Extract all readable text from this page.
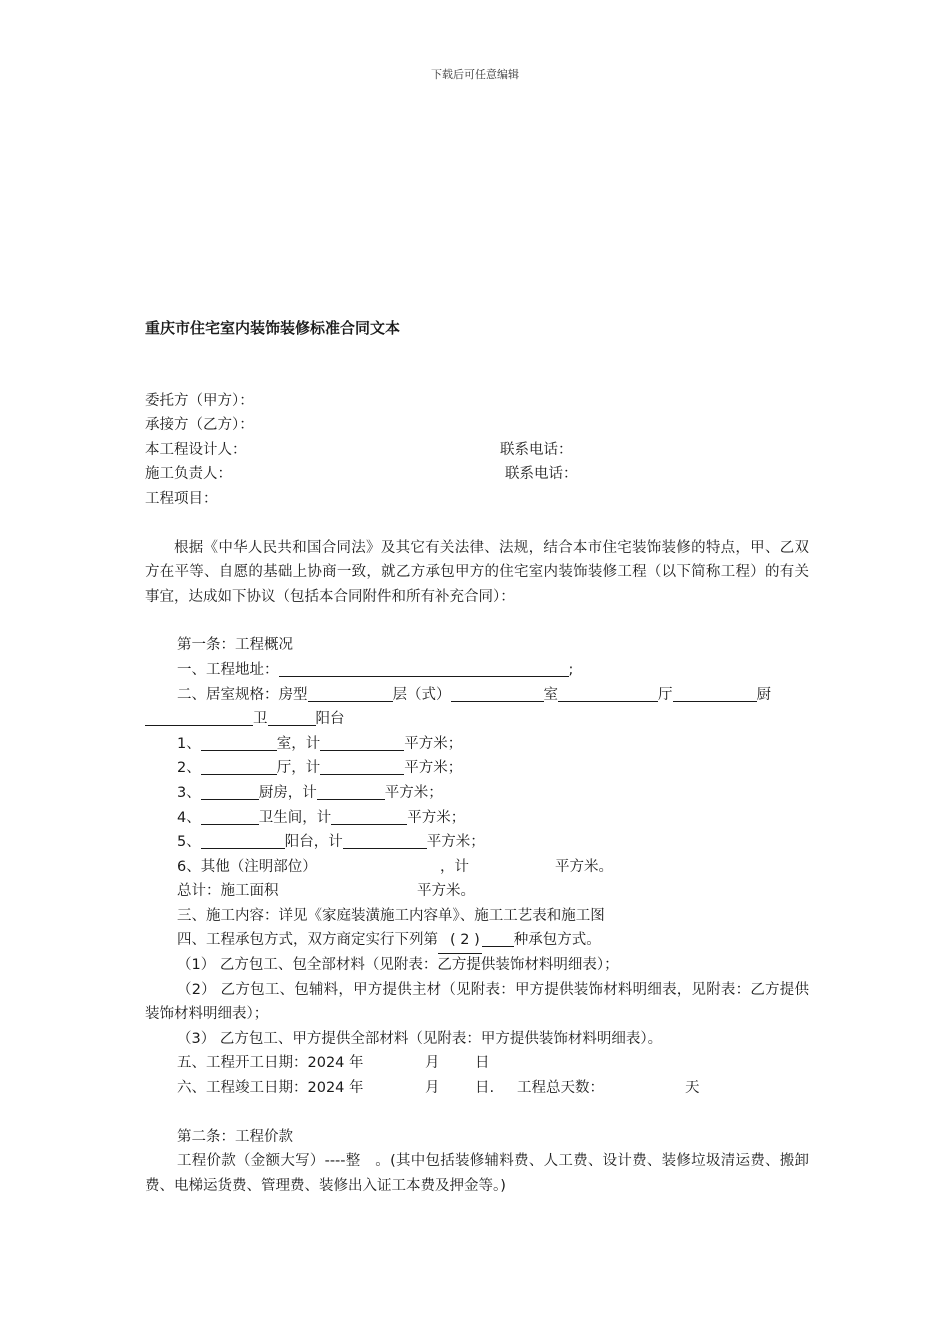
下载后可任意编辑
重庆市住宅室内装饰装修标准合同文本
委托方（甲方）：
承接方（乙方）：
本工程设计人：	联系电话：
施工负责人：	联系电话：
工程项目：

根据《中华人民共和国合同法》及其它有关法律、法规，结合本市住宅装饰装修的特点，甲、乙双方在平等、自愿的基础上协商一致，就乙方承包甲方的住宅室内装饰装修工程（以下简称工程）的有关事宜，达成如下协议（包括本合同附件和所有补充合同）：

第一条：工程概况
一、工程地址：	;
二、居室规格：房型	层（式）	室	厅	厨
卫	阳台
1、	室，计	平方米；
2、	厅，计	平方米；
3、	厨房，计	平方米；
4、	卫生间，计	平方米；
5、	阳台，计	平方米；
6、其他（注明部位）	，计	平方米。
总计：施工面积	平方米。
三、施工内容：详见《家庭装潢施工内容单》、施工工艺表和施工图
四、工程承包方式，双方商定实行下列第 ( 2 ) 种承包方式。
（1） 乙方包工、包全部材料（见附表：乙方提供装饰材料明细表）；
（2） 乙方包工、包辅料，甲方提供主材（见附表：甲方提供装饰材料明细表，见附表：乙方提供装饰材料明细表）；
（3） 乙方包工、甲方提供全部材料（见附表：甲方提供装饰材料明细表）。
五、工程开工日期：2024 年	月 日
六、工程竣工日期：2024 年	月 日. 工程总天数：	天
第二条：工程价款
工程价款（金额大写）----整　。(其中包括装修辅料费、人工费、设计费、装修垃圾清运费、搬卸费、电梯运货费、管理费、装修出入证工本费及押金等。)
